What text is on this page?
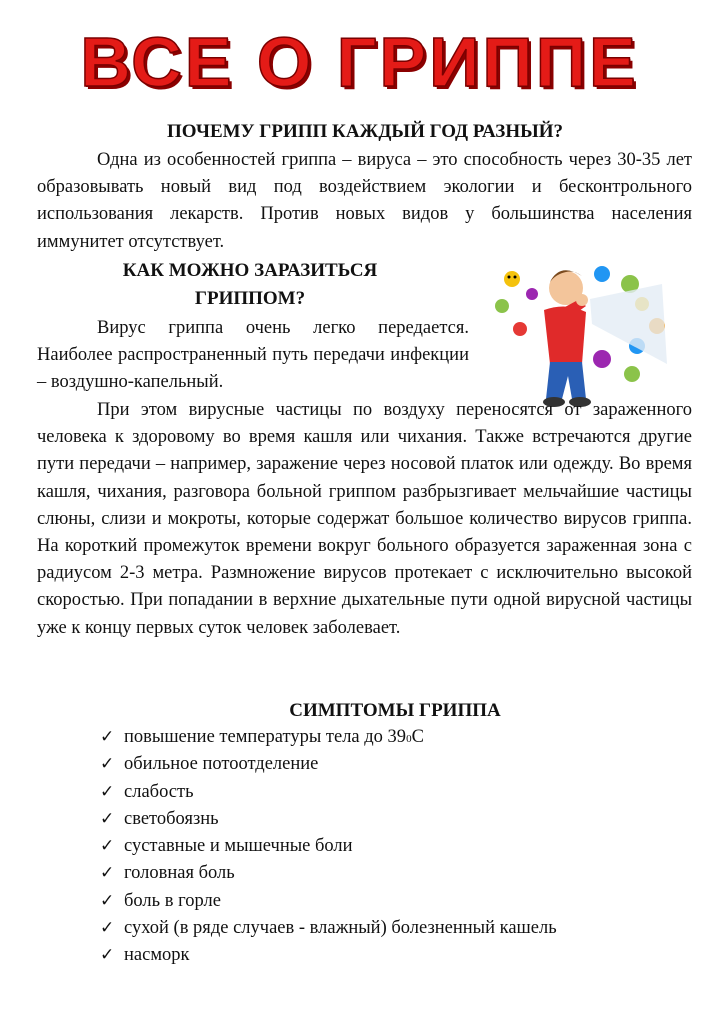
ВСЕ О ГРИППЕ
ПОЧЕМУ ГРИПП КАЖДЫЙ ГОД РАЗНЫЙ?

Одна из особенностей гриппа – вируса – это способность через 30-35 лет образовывать новый вид под воздействием экологии и бесконтрольного использования лекарств. Против новых видов у большинства населения иммунитет отсутствует.

КАК МОЖНО ЗАРАЗИТЬСЯ
ГРИППОМ?

Вирус гриппа очень легко передается. Наиболее распространенный путь передачи инфекции – воздушно-капельный.

При этом вирусные частицы по воздуху переносятся от зараженного человека к здоровому во время кашля или чихания. Также встречаются другие пути передачи – например, заражение через носовой платок или одежду. Во время кашля, чихания, разговора больной гриппом разбрызгивает мельчайшие частицы слюны, слизи и мокроты, которые содержат большое количество вирусов гриппа. На короткий промежуток времени вокруг больного образуется зараженная зона с радиусом 2-3 метра. Размножение вирусов протекает с исключительно высокой скоростью. При попадании в верхние дыхательные пути одной вирусной частицы уже к концу первых суток человек заболевает.

СИМПТОМЫ ГРИППА
✓ повышение температуры тела до 39 0 С
✓ обильное потоотделение
✓ слабость
✓ светобоязнь
✓ суставные и мышечные боли
✓ головная боль
✓ боль в горле
✓ сухой (в ряде случаев - влажный) болезненный кашель
✓ насморк
